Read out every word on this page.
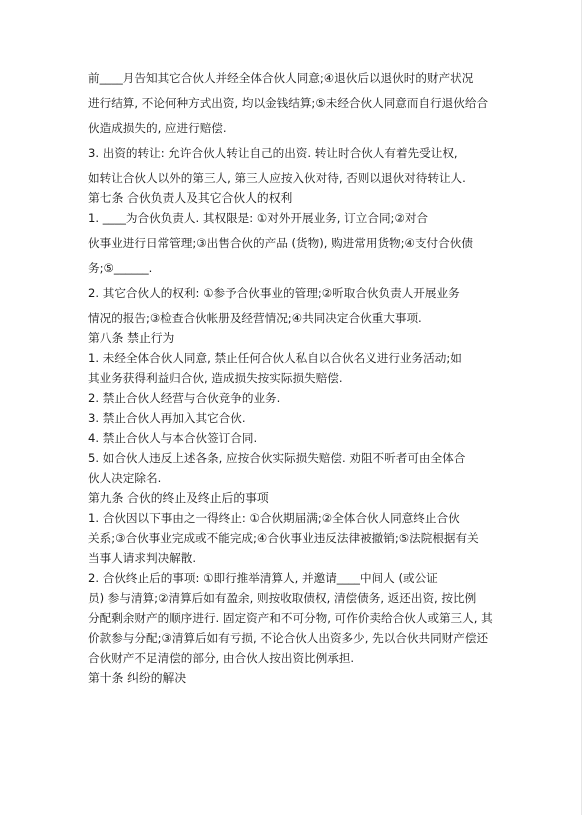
前____月告知其它合伙人并经全体合伙人同意;④退伙后以退伙时的财产状况
进行结算, 不论何种方式出资, 均以金钱结算;⑤未经合伙人同意而自行退伙给合
伙造成损失的, 应进行赔偿.
3. 出资的转让: 允许合伙人转让自己的出资. 转让时合伙人有着先受让权,
如转让合伙人以外的第三人, 第三人应按入伙对待, 否则以退伙对待转让人.
第七条 合伙负责人及其它合伙人的权利
1. ____为合伙负责人. 其权限是: ①对外开展业务, 订立合同;②对合
伙事业进行日常管理;③出售合伙的产品 (货物), 购进常用货物;④支付合伙债
务;⑤______.
2. 其它合伙人的权利: ①参予合伙事业的管理;②听取合伙负责人开展业务
情况的报告;③检查合伙帐册及经营情况;④共同决定合伙重大事项.
第八条 禁止行为
1. 未经全体合伙人同意, 禁止任何合伙人私自以合伙名义进行业务活动;如
其业务获得利益归合伙, 造成损失按实际损失赔偿.
2. 禁止合伙人经营与合伙竞争的业务.
3. 禁止合伙人再加入其它合伙.
4. 禁止合伙人与本合伙签订合同.
5. 如合伙人违反上述各条, 应按合伙实际损失赔偿. 劝阻不听者可由全体合
伙人决定除名.
第九条 合伙的终止及终止后的事项
1. 合伙因以下事由之一得终止: ①合伙期届满;②全体合伙人同意终止合伙
关系;③合伙事业完成或不能完成;④合伙事业违反法律被撤销;⑤法院根据有关
当事人请求判决解散.
2. 合伙终止后的事项: ①即行推举清算人, 并邀请____中间人 (或公证
员) 参与清算;②清算后如有盈余, 则按收取债权, 清偿债务, 返还出资, 按比例
分配剩余财产的顺序进行. 固定资产和不可分物, 可作价卖给合伙人或第三人, 其
价款参与分配;③清算后如有亏损, 不论合伙人出资多少, 先以合伙共同财产偿还
合伙财产不足清偿的部分, 由合伙人按出资比例承担.
第十条 纠纷的解决
